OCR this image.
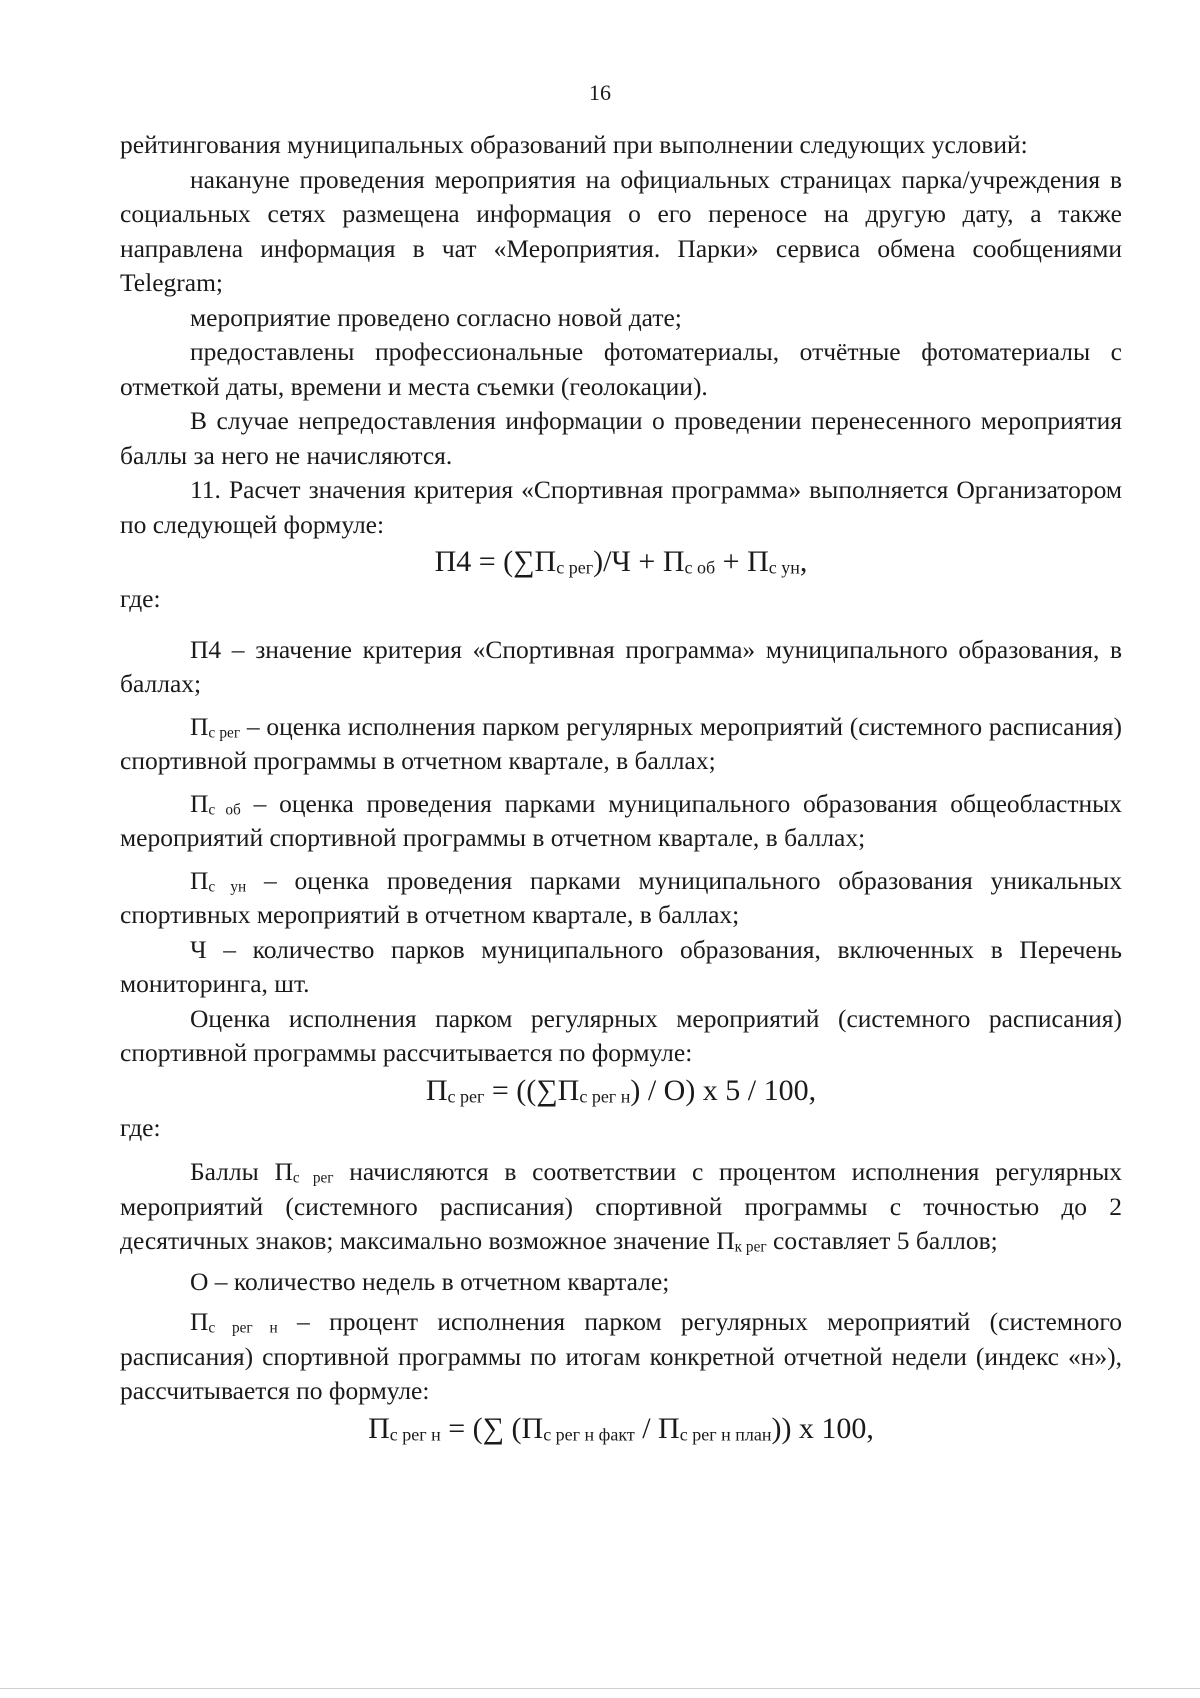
16

рейтингования муниципальных образований при выполнении следующих условий:

накануне проведения мероприятия на официальных страницах парка/учреждения в социальных сетях размещена информация о его переносе на другую дату, а также направлена информация в чат «Мероприятия. Парки» сервиса обмена сообщениями Telegram;

мероприятие проведено согласно новой дате;

предоставлены профессиональные фотоматериалы, отчётные фотоматериалы с отметкой даты, времени и места съемки (геолокации).

В случае непредоставления информации о проведении перенесенного мероприятия баллы за него не начисляются.

11. Расчет значения критерия «Спортивная программа» выполняется Организатором по следующей формуле:

$П4 = (\sum П_{с рег})/Ч + П_{с об} + П_{с ун}$,

где:

П4 – значение критерия «Спортивная программа» муниципального образования, в баллах;

$П_{с рег}$ – оценка исполнения парком регулярных мероприятий (системного расписания) спортивной программы в отчетном квартале, в баллах;

$П_{с об}$ – оценка проведения парками муниципального образования общеобластных мероприятий спортивной программы в отчетном квартале, в баллах;

$П_{с ун}$ – оценка проведения парками муниципального образования уникальных спортивных мероприятий в отчетном квартале, в баллах;

Ч – количество парков муниципального образования, включенных в Перечень мониторинга, шт.

Оценка исполнения парком регулярных мероприятий (системного расписания) спортивной программы рассчитывается по формуле:

$П_{с рег} = ((\sum П_{с рег н}) / О)$ х 5 / 100,

где:

Баллы $П_{с рег}$ начисляются в соответствии с процентом исполнения регулярных мероприятий (системного расписания) спортивной программы с точностью до 2 десятичных знаков; максимально возможное значение $П_{к рег}$ составляет 5 баллов;

О – количество недель в отчетном квартале;

$П_{с рег н}$ – процент исполнения парком регулярных мероприятий (системного расписания) спортивной программы по итогам конкретной отчетной недели (индекс «н»), рассчитывается по формуле:

$П_{с рег н}$ = (∑ $(П_{с рег н факт} / П_{с рег н план})$) х 100,
